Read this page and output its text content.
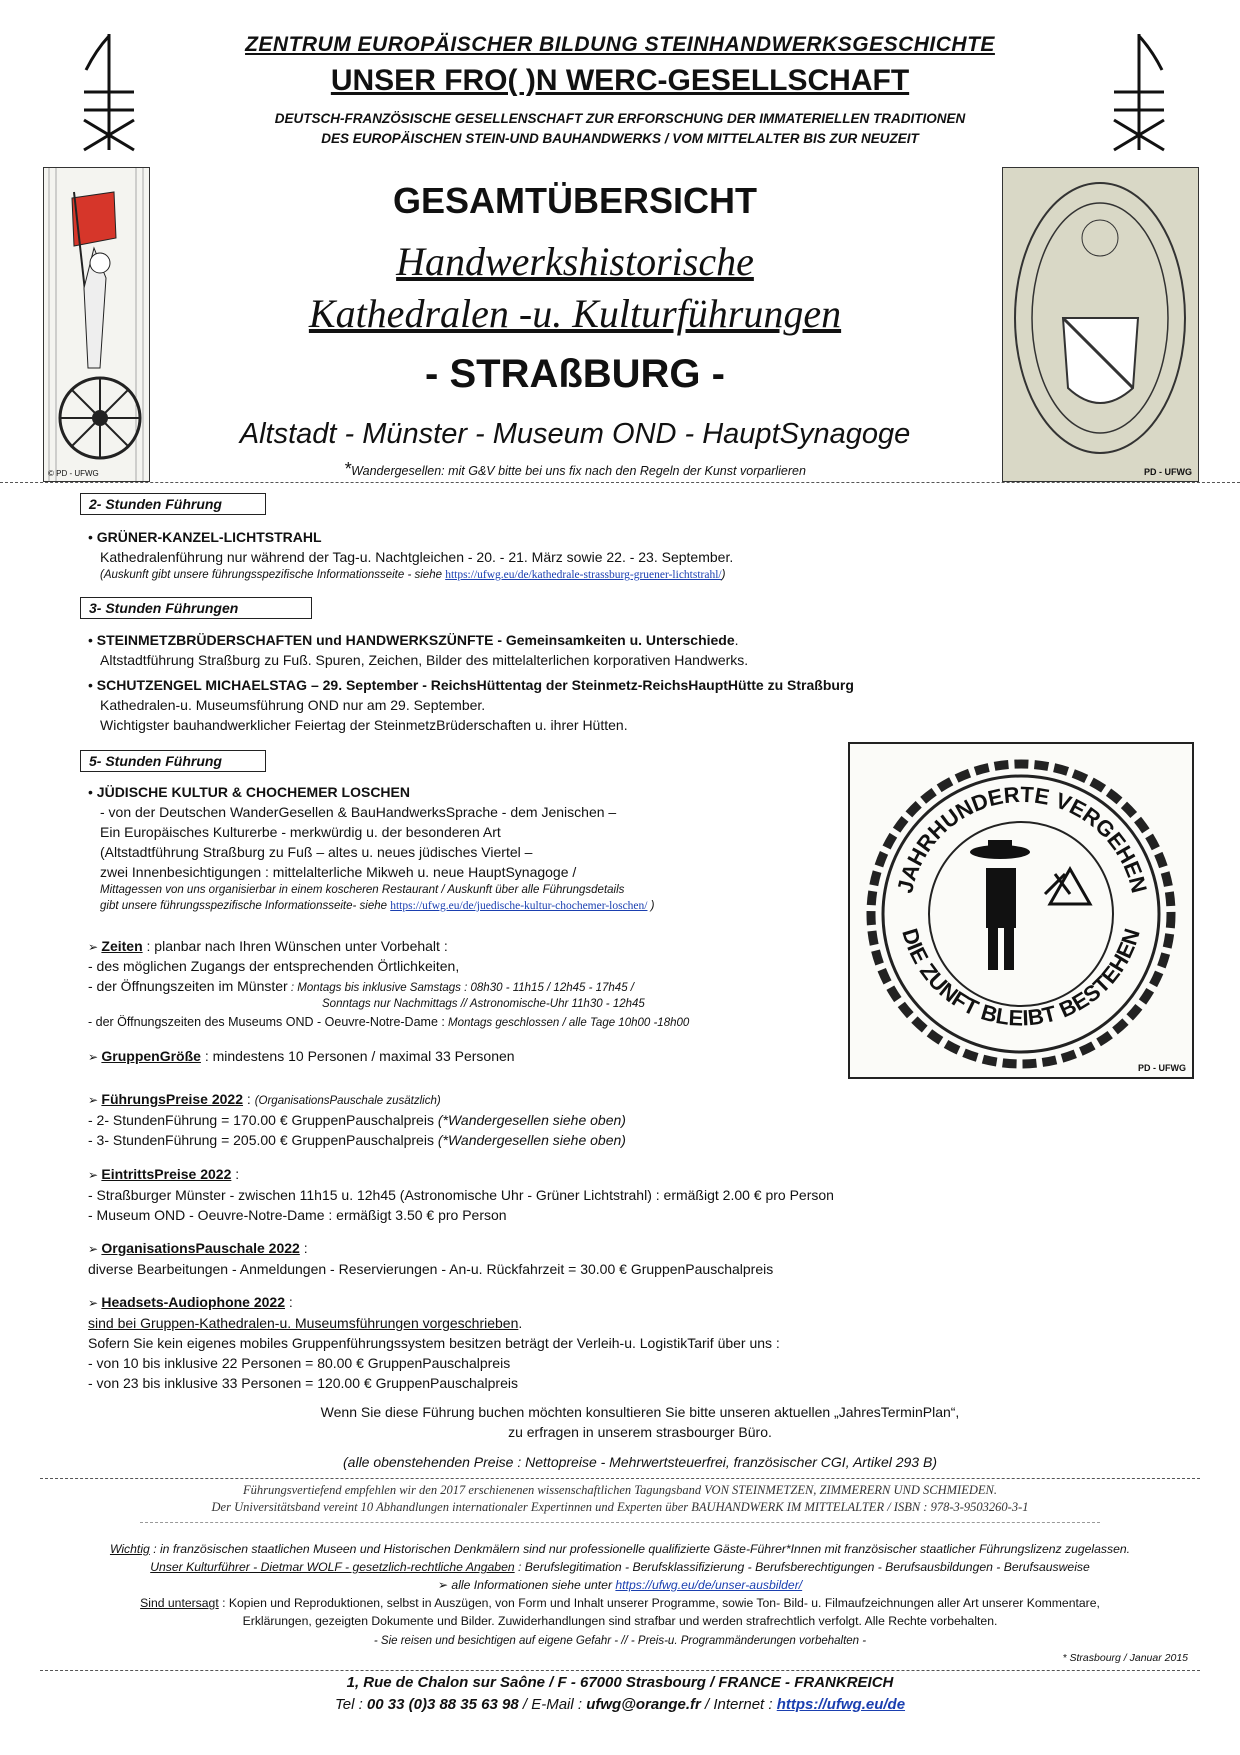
ZENTRUM EUROPÄISCHER BILDUNG STEINHANDWERKSGESCHICHTE
UNSER FRO( )N WERC-GESELLSCHAFT
DEUTSCH-FRANZÖSISCHE GESELLENSCHAFT ZUR ERFORSCHUNG DER IMMATERIELLEN TRADITIONEN
DES EUROPÄISCHEN STEIN-UND BAUHANDWERKS / VOM MITTELALTER BIS ZUR NEUZEIT
© PD - UFWG	PD - UFWG
GESAMTÜBERSICHT
Handwerkshistorische
Kathedralen -u. Kulturführungen
- STRAßBURG -
Altstadt - Münster - Museum OND - HauptSynagoge
*Wandergesellen: mit G&V bitte bei uns fix nach den Regeln der Kunst vorparlieren
2- Stunden Führung
• GRÜNER-KANZEL-LICHTSTRAHL
Kathedralenführung nur während der Tag-u. Nachtgleichen - 20. - 21. März sowie 22. - 23. September.
(Auskunft gibt unsere führungsspezifische Informationsseite - siehe https://ufwg.eu/de/kathedrale-strassburg-gruener-lichtstrahl/)
3- Stunden Führungen
• STEINMETZBRÜDERSCHAFTEN und HANDWERKSZÜNFTE - Gemeinsamkeiten u. Unterschiede.
Altstadtführung Straßburg zu Fuß. Spuren, Zeichen, Bilder des mittelalterlichen korporativen Handwerks.
• SCHUTZENGEL MICHAELSTAG – 29. September - ReichsHüttentag der Steinmetz-ReichsHauptHütte zu Straßburg
Kathedralen-u. Museumsführung OND nur am 29. September.
Wichtigster bauhandwerklicher Feiertag der SteinmetzBrüderschaften u. ihrer Hütten.
5- Stunden Führung
• JÜDISCHE KULTUR & CHOCHEMER LOSCHEN
- von der Deutschen WanderGesellen & BauHandwerksSprache - dem Jenischen –
Ein Europäisches Kulturerbe - merkwürdig u. der besonderen Art
(Altstadtführung Straßburg zu Fuß – altes u. neues jüdisches Viertel –
zwei Innenbesichtigungen : mittelalterliche Mikweh u. neue HauptSynagoge /
Mittagessen von uns organisierbar in einem koscheren Restaurant / Auskunft über alle Führungsdetails
gibt unsere führungsspezifische Informationsseite- siehe https://ufwg.eu/de/juedische-kultur-chochemer-loschen/ )
JAHRHUNDERTE VERGEHEN
DIE ZUNFT BLEIBT BESTEHEN
PD - UFWG
➢ Zeiten : planbar nach Ihren Wünschen unter Vorbehalt :
- des möglichen Zugangs der entsprechenden Örtlichkeiten,
- der Öffnungszeiten im Münster : Montags bis inklusive Samstags : 08h30 - 11h15 / 12h45 - 17h45 /
Sonntags nur Nachmittags // Astronomische-Uhr 11h30 - 12h45
- der Öffnungszeiten des Museums OND - Oeuvre-Notre-Dame : Montags geschlossen / alle Tage 10h00 -18h00
➢ GruppenGröße : mindestens 10 Personen / maximal 33 Personen
➢ FührungsPreise 2022 : (OrganisationsPauschale zusätzlich)
- 2- StundenFührung = 170.00 € GruppenPauschalpreis (*Wandergesellen siehe oben)
- 3- StundenFührung = 205.00 € GruppenPauschalpreis (*Wandergesellen siehe oben)
➢ EintrittsPreise 2022 :
- Straßburger Münster - zwischen 11h15 u. 12h45 (Astronomische Uhr - Grüner Lichtstrahl) : ermäßigt 2.00 € pro Person
- Museum OND - Oeuvre-Notre-Dame : ermäßigt 3.50 € pro Person
➢ OrganisationsPauschale 2022 :
diverse Bearbeitungen - Anmeldungen - Reservierungen - An-u. Rückfahrzeit = 30.00 € GruppenPauschalpreis
➢ Headsets-Audiophone 2022 :
sind bei Gruppen-Kathedralen-u. Museumsführungen vorgeschrieben.
Sofern Sie kein eigenes mobiles Gruppenführungssystem besitzen beträgt der Verleih-u. LogistikTarif über uns :
- von 10 bis inklusive 22 Personen = 80.00 € GruppenPauschalpreis
- von 23 bis inklusive 33 Personen = 120.00 € GruppenPauschalpreis
Wenn Sie diese Führung buchen möchten konsultieren Sie bitte unseren aktuellen „JahresTerminPlan“,
zu erfragen in unserem strasbourger Büro.
(alle obenstehenden Preise : Nettopreise - Mehrwertsteuerfrei, französischer CGI, Artikel 293 B)
Führungsvertiefend empfehlen wir den 2017 erschienenen wissenschaftlichen Tagungsband VON STEINMETZEN, ZIMMERERN UND SCHMIEDEN.
Der Universitätsband vereint 10 Abhandlungen internationaler Expertinnen und Experten über BAUHANDWERK IM MITTELALTER / ISBN : 978-3-9503260-3-1
Wichtig : in französischen staatlichen Museen und Historischen Denkmälern sind nur professionelle qualifizierte Gäste-Führer*Innen mit französischer staatlicher Führungslizenz zugelassen.
Unser Kulturführer - Dietmar WOLF - gesetzlich-rechtliche Angaben : Berufslegitimation - Berufsklassifizierung - Berufsberechtigungen - Berufsausbildungen - Berufsausweise
➢ alle Informationen siehe unter https://ufwg.eu/de/unser-ausbilder/
Sind untersagt : Kopien und Reproduktionen, selbst in Auszügen, von Form und Inhalt unserer Programme, sowie Ton- Bild- u. Filmaufzeichnungen aller Art unserer Kommentare,
Erklärungen, gezeigten Dokumente und Bilder. Zuwiderhandlungen sind strafbar und werden strafrechtlich verfolgt. Alle Rechte vorbehalten.
- Sie reisen und besichtigen auf eigene Gefahr - // - Preis-u. Programmänderungen vorbehalten -
* Strasbourg / Januar 2015
1, Rue de Chalon sur Saône / F - 67000 Strasbourg / FRANCE - FRANKREICH
Tel : 00 33 (0)3 88 35 63 98 / E-Mail : ufwg@orange.fr / Internet : https://ufwg.eu/de
